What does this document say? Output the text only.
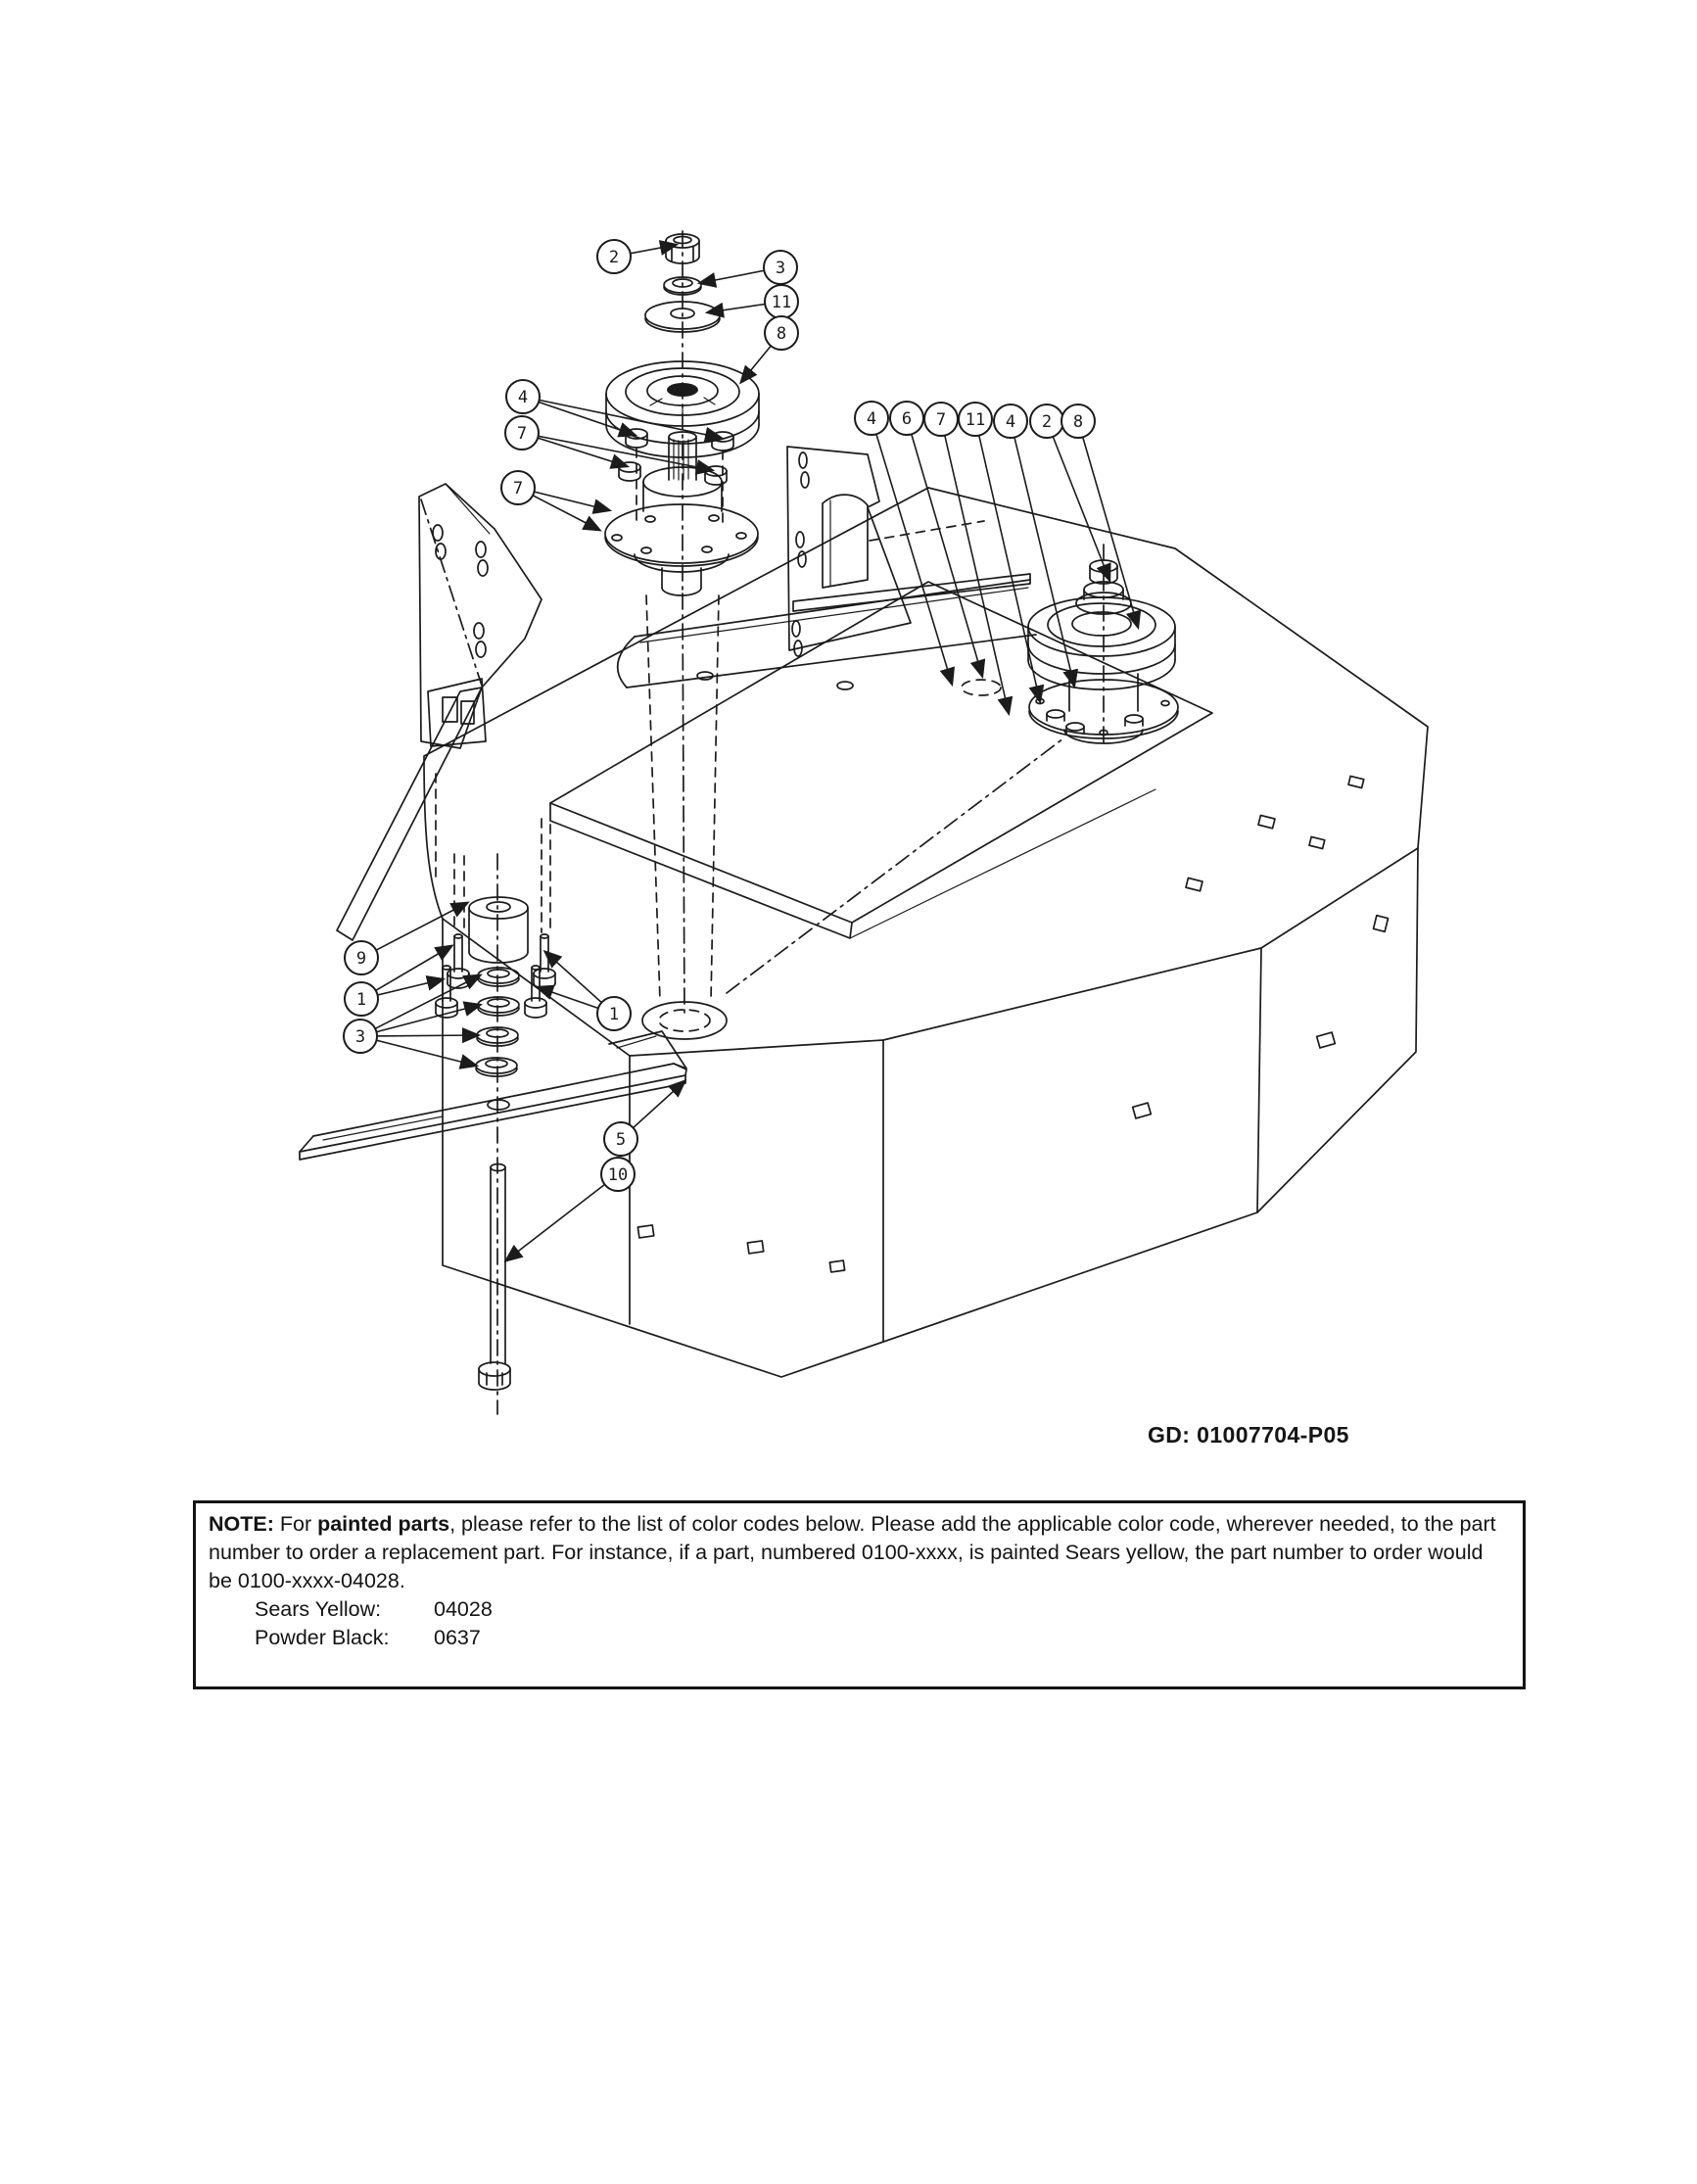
2
3
11
8
4
7
7
4 6 7 11 4 2 8
9
1
3
1
5
10
GD: 01007704-P05

NOTE: For painted parts, please refer to the list of color codes below. Please add the applicable color code, wherever needed, to the part number to order a replacement part. For instance, if a part, numbered 0100-xxxx, is painted Sears yellow, the part number to order would be 0100-xxxx-04028.

Sears Yellow:	04028
Powder Black: 0637
